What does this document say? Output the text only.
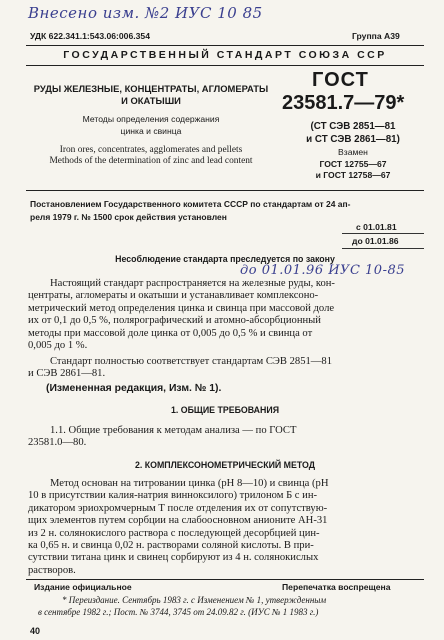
Внесено изм. №2 ИУС 10 85
УДК 622.341.1:543.06:006.354	Группа А39
ГОСУДАРСТВЕННЫЙ СТАНДАРТ СОЮЗА ССР
РУДЫ ЖЕЛЕЗНЫЕ, КОНЦЕНТРАТЫ, АГЛОМЕРАТЫ
И ОКАТЫШИ
Методы определения содержания
цинка и свинца
Iron ores, concentrates, agglomerates and pellets
Methods of the determination of zinc and lead content
ГОСТ
23581.7—79*
(СТ СЭВ 2851—81
и СТ СЭВ 2861—81)
Взамен
ГОСТ 12755—67
и ГОСТ 12758—67
Постановлением Государственного комитета СССР по стандартам от 24 ап-
реля 1979 г. № 1500 срок действия установлен
с 01.01.81
до 01.01.86
Несоблюдение стандарта преследуется по закону
до 01.01.96 ИУС 10-85
Настоящий стандарт распространяется на железные руды, кон-
центраты, агломераты и окатыши и устанавливает комплексоно-
метрический метод определения цинка и свинца при массовой доле
их от 0,1 до 0,5 %, полярографический и атомно-абсорбционный
методы при массовой доле цинка от 0,005 до 0,5 % и свинца от
0,005 до 1 %.
Стандарт полностью соответствует стандартам СЭВ 2851—81
и СЭВ 2861—81.
(Измененная редакция, Изм. № 1).
1. ОБЩИЕ ТРЕБОВАНИЯ
1.1. Общие требования к методам анализа — по ГОСТ
23581.0—80.
2. КОМПЛЕКСОНОМЕТРИЧЕСКИЙ МЕТОД
Метод основан на титровании цинка (рН 8—10) и свинца (рН
10 в присутствии калия-натрия винноксилого) трилоном Б с ин-
дикатором эриохромчерным Т после отделения их от сопутствую-
щих элементов путем сорбции на слабоосновном анионите АН-31
из 2 н. солянокислого раствора с последующей десорбцией цин-
ка 0,65 н. и свинца 0,02 н. растворами соляной кислоты. В при-
сутствии титана цинк и свинец сорбируют из 4 н. солянокислых
растворов.
Издание официальное	Перепечатка воспрещена
* Переиздание. Сентябрь 1983 г. с Изменением № 1, утвержденным
в сентябре 1982 г.; Пост. № 3744, 3745 от 24.09.82 г. (ИУС № 1 1983 г.)
40
